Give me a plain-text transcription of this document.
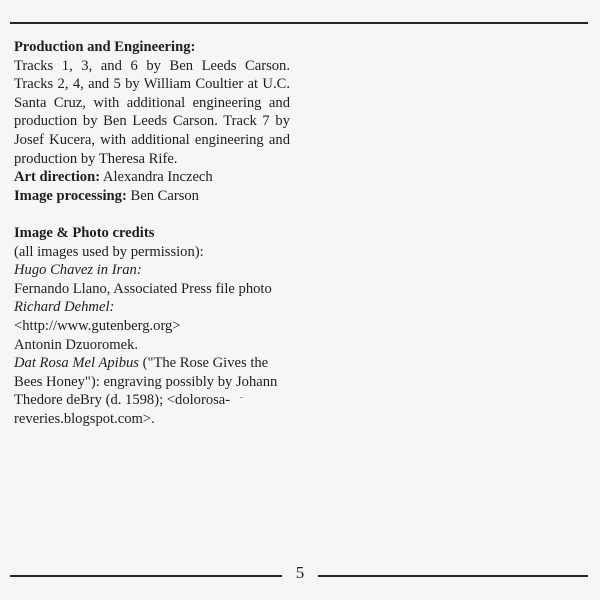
Production and Engineering:

Tracks 1, 3, and 6 by Ben Leeds Carson. Tracks 2, 4, and 5 by William Coultier at U.C. Santa Cruz, with additional engineering and production by Ben Leeds Carson. Track 7 by Josef Kucera, with additional engineering and production by Theresa Rife.

Art direction: Alexandra Inczech

Image processing: Ben Carson

Image & Photo credits

(all images used by permission):

Hugo Chavez in Iran:

Fernando Llano, Associated Press file photo

Richard Dehmel:

<http://www.gutenberg.org>

Antonin Dzuoromek.

Dat Rosa Mel Apibus ("The Rose Gives the Bees Honey"): engraving possibly by Johann Thedore deBry (d. 1598); <dolorosa-reveries.blogspot.com>.

5
